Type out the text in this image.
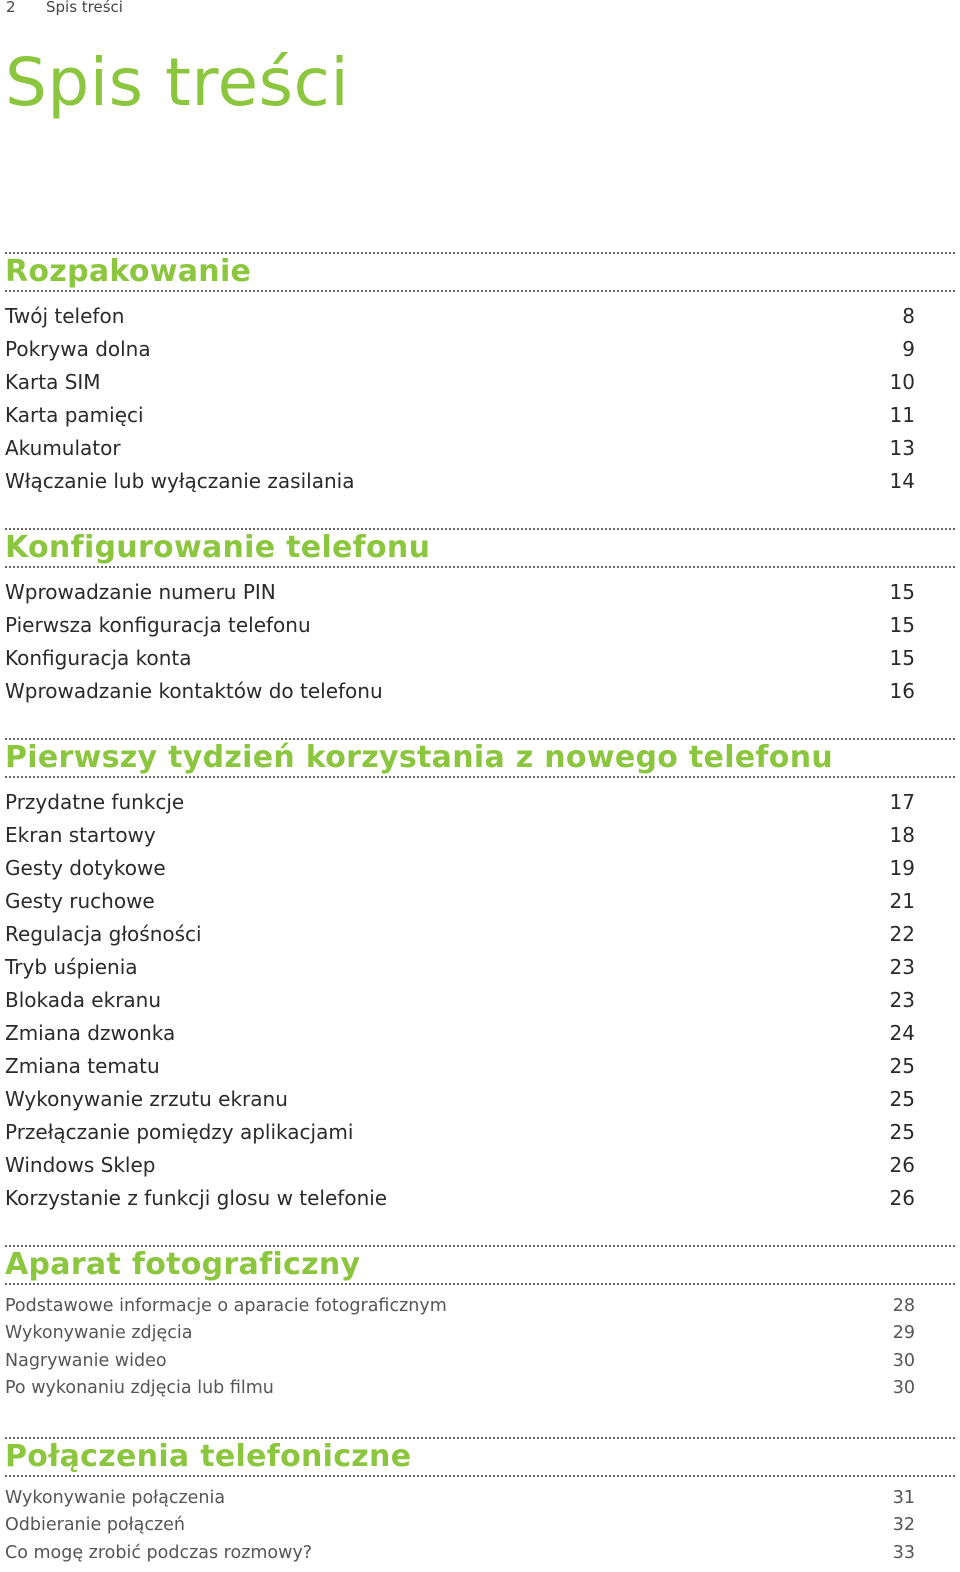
2 Spis treści
Spis treści
Rozpakowanie
Twój telefon	8
Pokrywa dolna	9
Karta SIM	10
Karta pamięci	11
Akumulator	13
Włączanie lub wyłączanie zasilania	14
Konfigurowanie telefonu
Wprowadzanie numeru PIN	15
Pierwsza konfiguracja telefonu	15
Konfiguracja konta	15
Wprowadzanie kontaktów do telefonu	16
Pierwszy tydzień korzystania z nowego telefonu
Przydatne funkcje	17
Ekran startowy	18
Gesty dotykowe	19
Gesty ruchowe	21
Regulacja głośności	22
Tryb uśpienia	23
Blokada ekranu	23
Zmiana dzwonka	24
Zmiana tematu	25
Wykonywanie zrzutu ekranu	25
Przełączanie pomiędzy aplikacjami	25
Windows Sklep	26
Korzystanie z funkcji glosu w telefonie	26
Aparat fotograficzny
Podstawowe informacje o aparacie fotograficznym	28
Wykonywanie zdjęcia	29
Nagrywanie wideo	30
Po wykonaniu zdjęcia lub filmu	30
Połączenia telefoniczne
Wykonywanie połączenia	31
Odbieranie połączeń	32
Co mogę zrobić podczas rozmowy?	33
